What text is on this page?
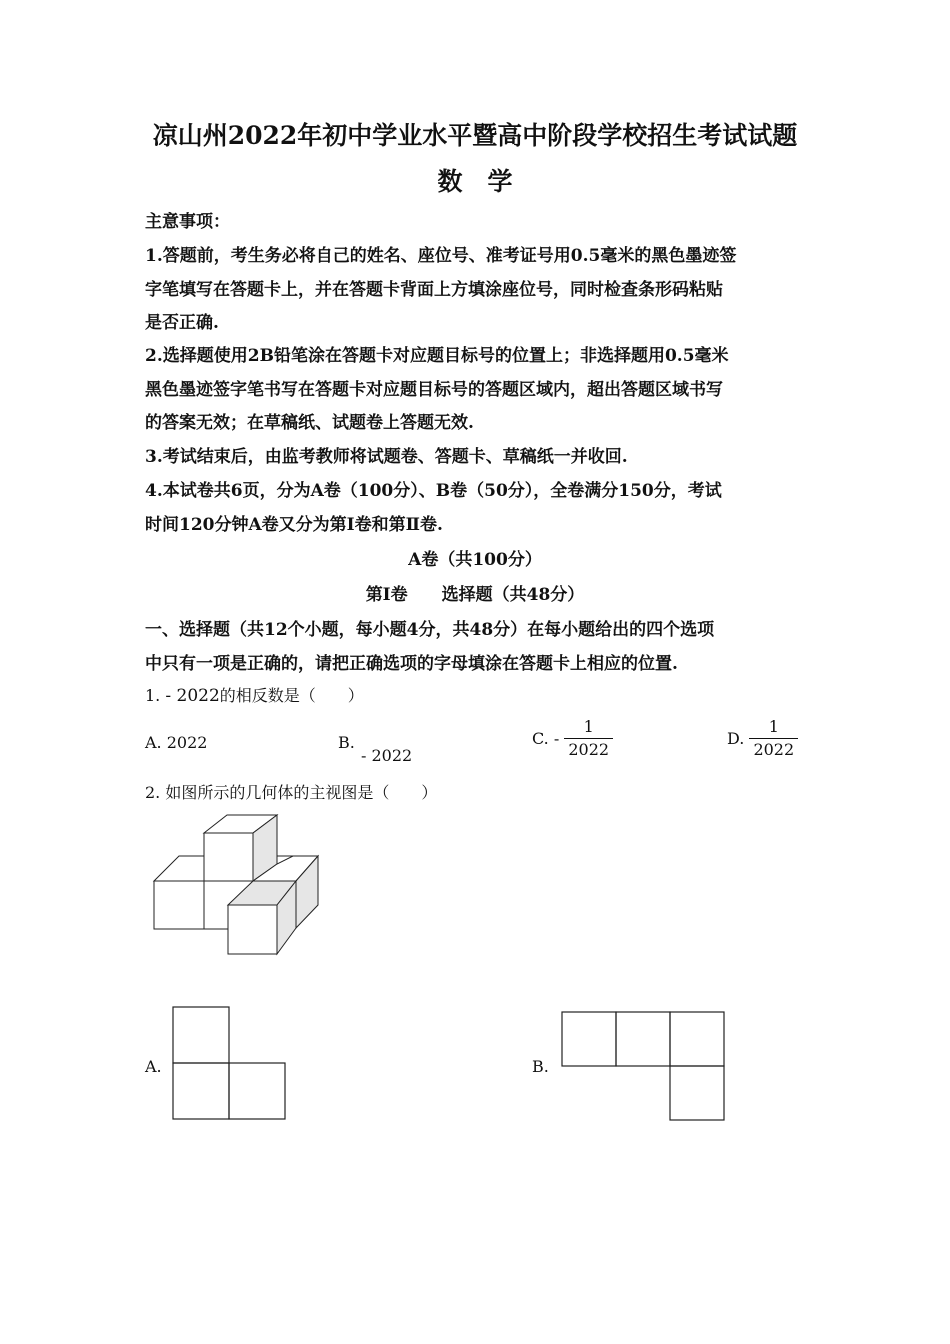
凉山州2022年初中学业水平暨高中阶段学校招生考试试题
数　学
主意事项：
1.答题前，考生务必将自己的姓名、座位号、准考证号用0.5毫米的黑色墨迹签
字笔填写在答题卡上，并在答题卡背面上方填涂座位号，同时检查条形码粘贴
是否正确.
2.选择题使用2B铅笔涂在答题卡对应题目标号的位置上；非选择题用0.5毫米
黑色墨迹签字笔书写在答题卡对应题目标号的答题区域内，超出答题区域书写
的答案无效；在草稿纸、试题卷上答题无效.
3.考试结束后，由监考教师将试题卷、答题卡、草稿纸一并收回.
4.本试卷共6页，分为A卷（100分）、B卷（50分），全卷满分150分，考试
时间120分钟A卷又分为第Ⅰ卷和第Ⅱ卷.
A卷（共100分）
第Ⅰ卷　　选择题（共48分）
一、选择题（共12个小题，每小题4分，共48分）在每小题给出的四个选项
中只有一项是正确的，请把正确选项的字母填涂在答题卡上相应的位置.
1. - 2022的相反数是（　　）
A. 2022	B.
- 2022
C. - $\frac{1}{2022}$	D. $\frac{1}{2022}$
2. 如图所示的几何体的主视图是（　　）
A.	B.
